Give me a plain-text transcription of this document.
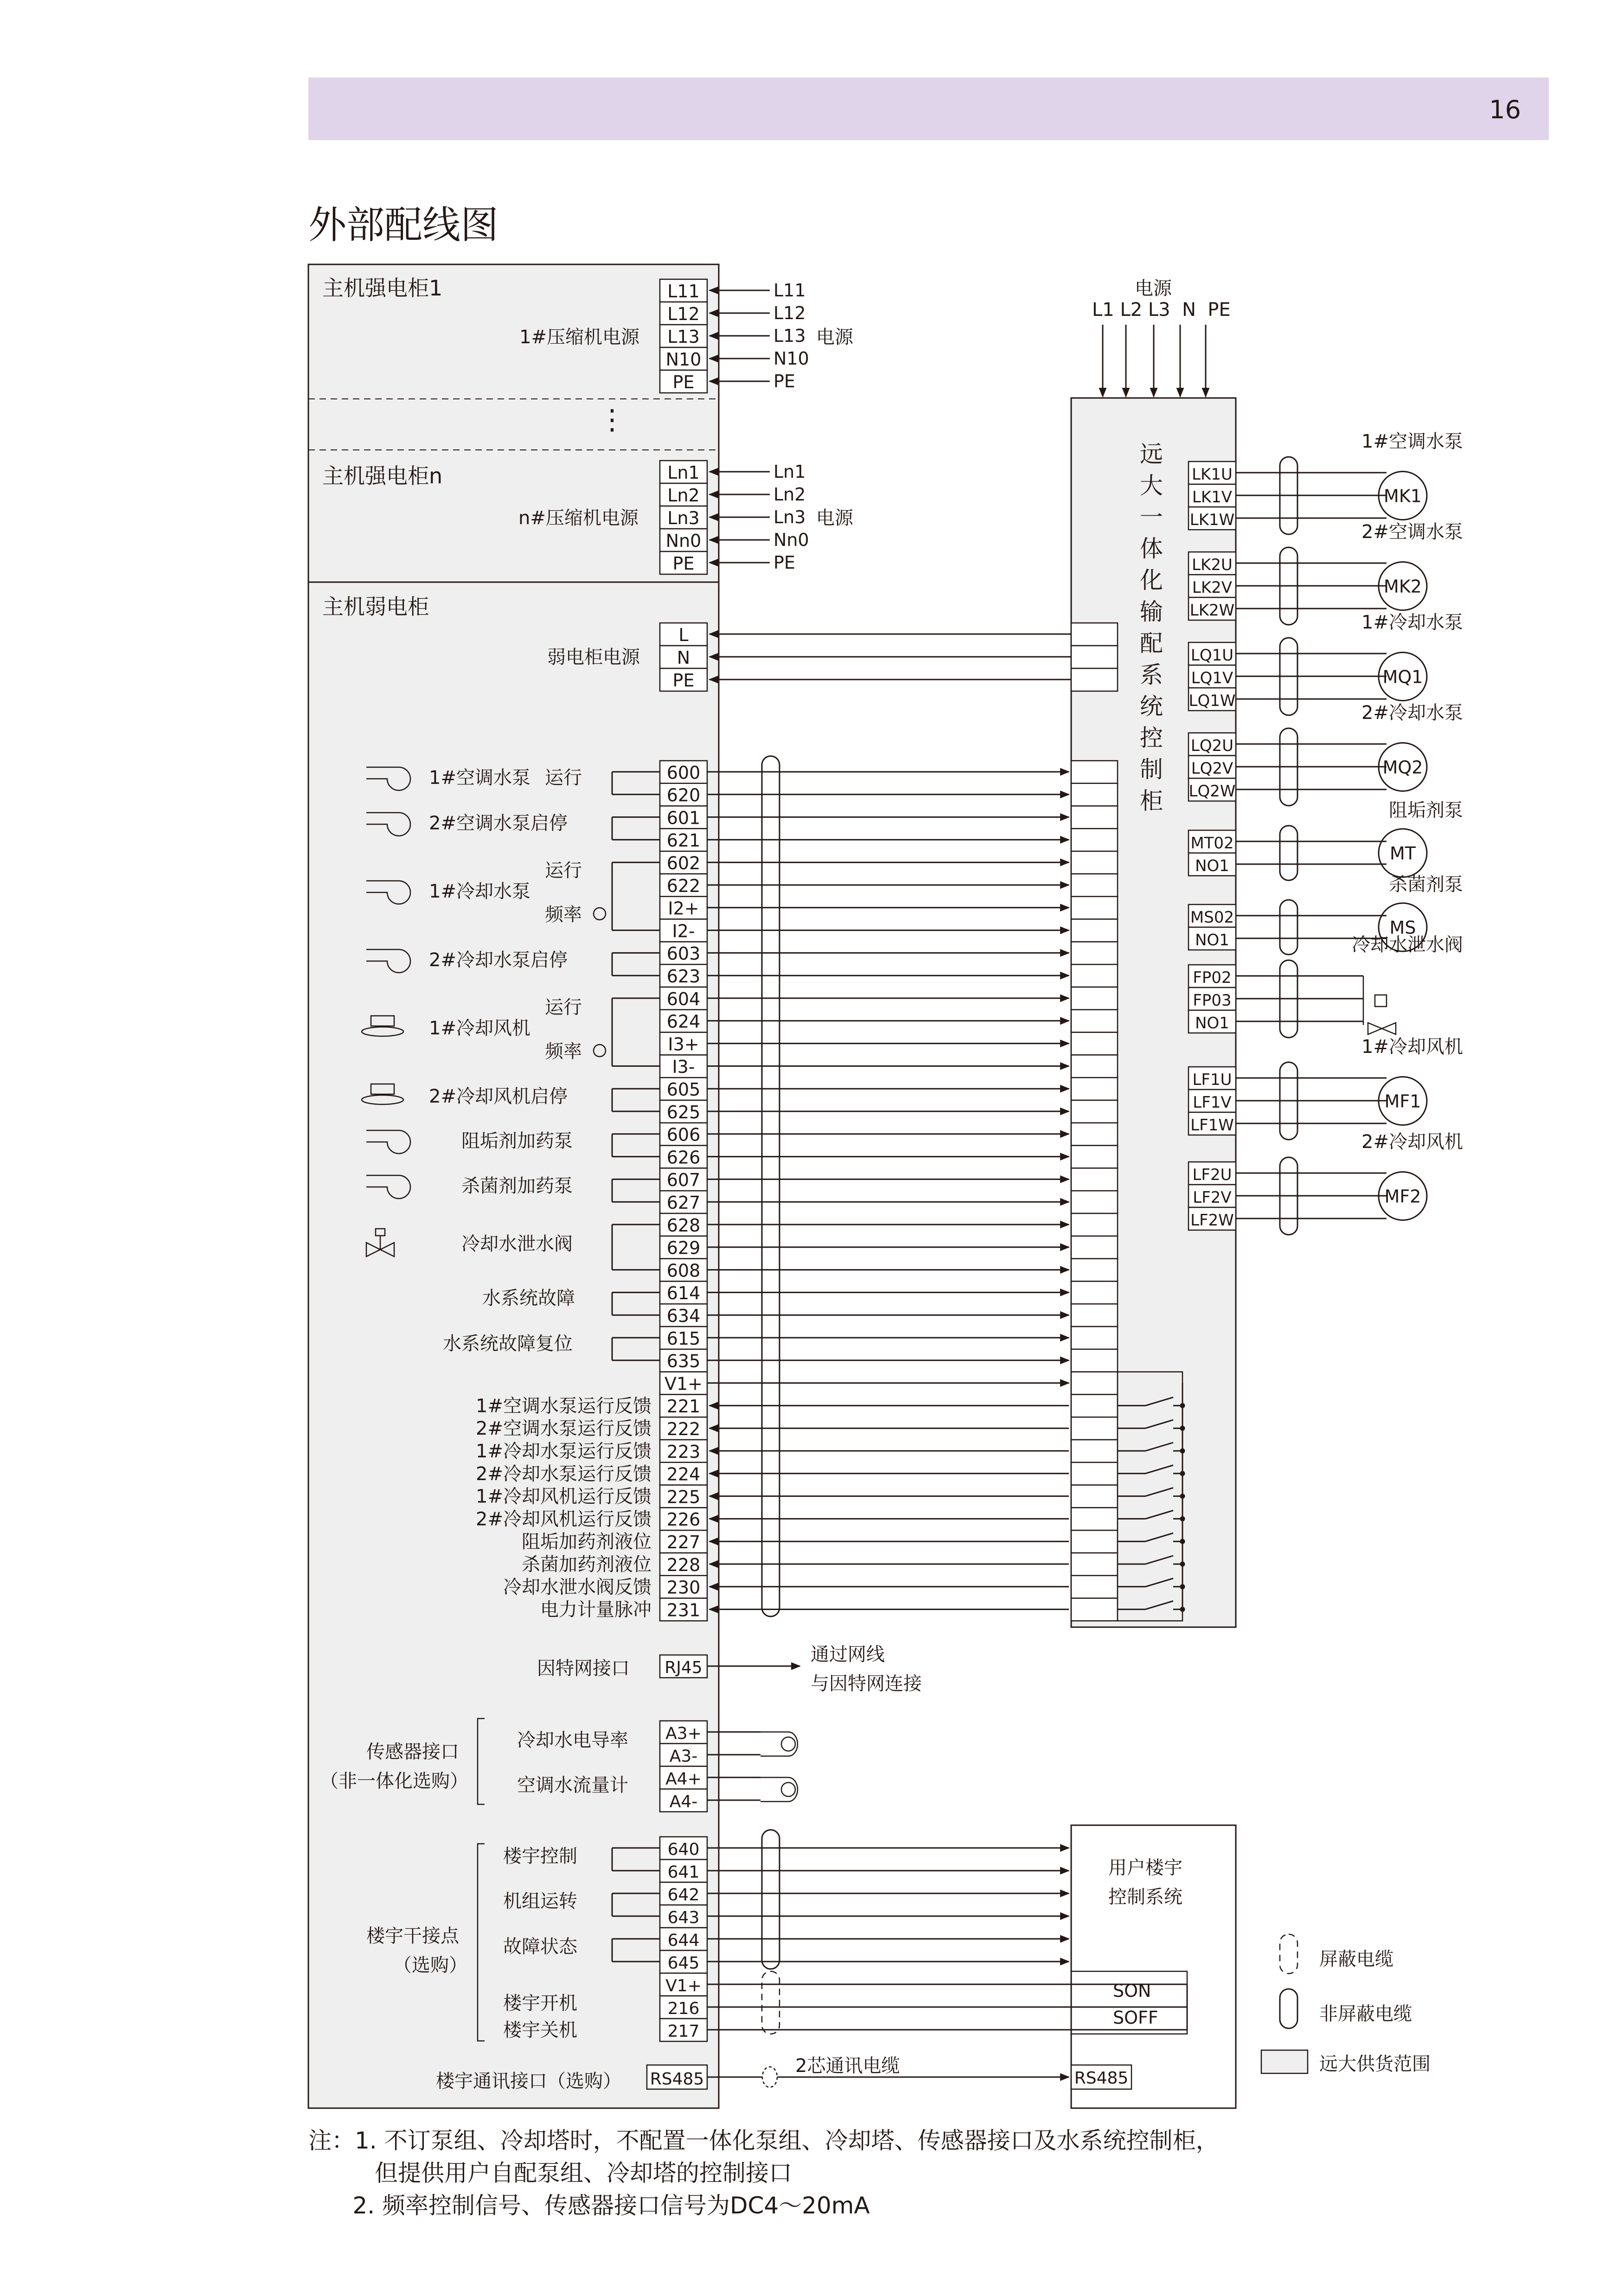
16
外部配线图
L11	L11
L12	L12
L13	L13
N10	N10
PE	PE
Ln1	Ln1
Ln2	Ln2
Ln3	Ln3
Nn0	Nn0
PE	PE
L
N
PE
600
620
601
621
602
622
I2+
I2-
603
623
604
624
I3+
I3-
605
625
606
626
607
627
628
629
608
614
634
615
635
V1+
221
222
223
224
225
226
227
228
230
231
1#空调水泵 运行
2#空调水泵启停
1#冷却水泵
运行
频率
2#冷却水泵启停
1#冷却风机
运行
频率
2#冷却风机启停
阻垢剂加药泵
杀菌剂加药泵
冷却水泄水阀
水系统故障
水系统故障复位
1#空调水泵运行反馈
2#空调水泵运行反馈
1#冷却水泵运行反馈
2#冷却水泵运行反馈
1#冷却风机运行反馈
2#冷却风机运行反馈
阻垢加药剂液位
杀菌加药剂液位
冷却水泄水阀反馈
电力计量脉冲
LK1U
LK1V
LK1W
1#空调水泵
MK1
LK2U
LK2V
LK2W
2#空调水泵
MK2
LQ1U
LQ1V
LQ1W
1#冷却水泵
MQ1
LQ2U
LQ2V
LQ2W
2#冷却水泵
MQ2
MT02
NO1
阻垢剂泵
MT
MS02
NO1
杀菌剂泵
MS
FP02
FP03
NO1
冷却水泄水阀
LF1U
LF1V
LF1W
1#冷却风机
MF1
LF2U
LF2V
LF2W
2#冷却风机
MF2
RJ45
A3+
A3-
A4+
A4-
冷却水电导率
空调水流量计
640
641
642
643
644
645
V1+
216
217
楼宇控制
机组运转
故障状态
楼宇开机
楼宇关机
RS485	RS485
主机强电柜1
主机强电柜n
主机弱电柜
1#压缩机电源	电源
⋮
n#压缩机电源	电源
弱电柜电源
电源
L1 L2 L3  N  PE
远大一体化输配系统控制柜
因特网接口
通过网线
与因特网连接
传感器接口
（非一体化选购）
楼宇干接点
（选购）
用户楼宇
控制系统
SON
SOFF
楼宇通讯接口（选购）
2芯通讯电缆
屏蔽电缆
非屏蔽电缆
远大供货范围
注：1. 不订泵组、冷却塔时，不配置一体化泵组、冷却塔、传感器接口及水系统控制柜，
但提供用户自配泵组、冷却塔的控制接口
2. 频率控制信号、传感器接口信号为DC4～20mA
